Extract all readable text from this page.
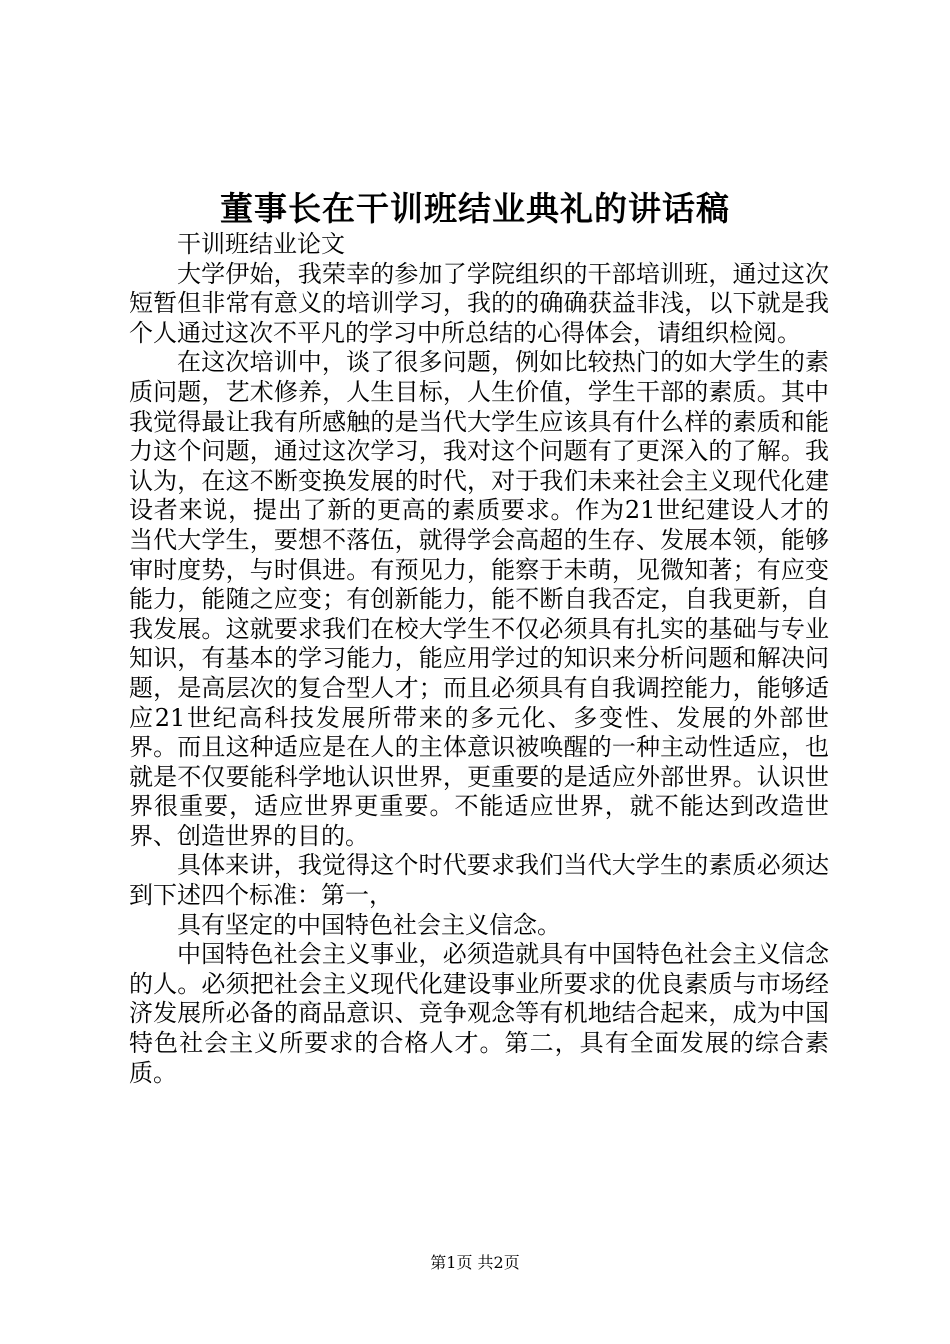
董事长在干训班结业典礼的讲话稿

干训班结业论文

大学伊始，我荣幸的参加了学院组织的干部培训班，通过这次短暂但非常有意义的培训学习，我的的确确获益非浅，以下就是我个人通过这次不平凡的学习中所总结的心得体会，请组织检阅。

在这次培训中，谈了很多问题，例如比较热门的如大学生的素质问题，艺术修养，人生目标，人生价值，学生干部的素质。其中我觉得最让我有所感触的是当代大学生应该具有什么样的素质和能力这个问题，通过这次学习，我对这个问题有了更深入的了解。我认为，在这不断变换发展的时代，对于我们未来社会主义现代化建设者来说，提出了新的更高的素质要求。作为21世纪建设人才的当代大学生，要想不落伍，就得学会高超的生存、发展本领，能够审时度势，与时俱进。有预见力，能察于未萌，见微知著；有应变能力，能随之应变；有创新能力，能不断自我否定，自我更新，自我发展。这就要求我们在校大学生不仅必须具有扎实的基础与专业知识，有基本的学习能力，能应用学过的知识来分析问题和解决问题，是高层次的复合型人才；而且必须具有自我调控能力，能够适应21世纪高科技发展所带来的多元化、多变性、发展的外部世界。而且这种适应是在人的主体意识被唤醒的一种主动性适应，也就是不仅要能科学地认识世界，更重要的是适应外部世界。认识世界很重要，适应世界更重要。不能适应世界，就不能达到改造世界、创造世界的目的。

具体来讲，我觉得这个时代要求我们当代大学生的素质必须达到下述四个标准：第一，

具有坚定的中国特色社会主义信念。

中国特色社会主义事业，必须造就具有中国特色社会主义信念的人。必须把社会主义现代化建设事业所要求的优良素质与市场经济发展所必备的商品意识、竞争观念等有机地结合起来，成为中国特色社会主义所要求的合格人才。第二，具有全面发展的综合素质。

第1页 共2页
